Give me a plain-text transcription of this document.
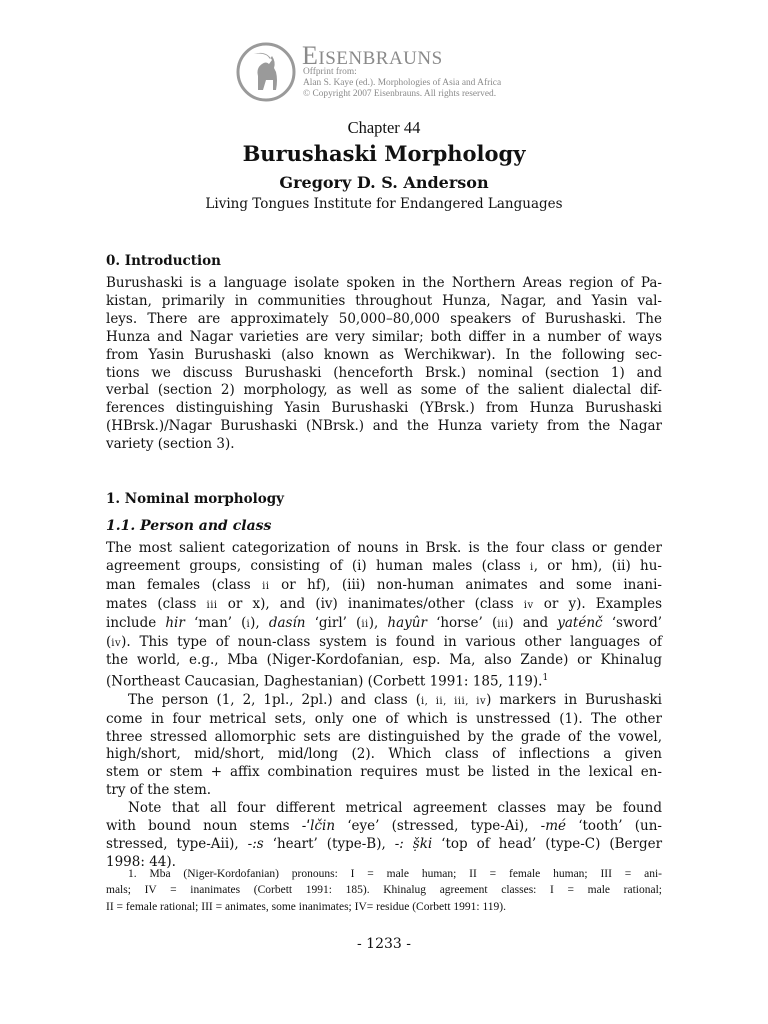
EISENBRAUNS
Offprint from:
Alan S. Kaye (ed.). Morphologies of Asia and Africa
© Copyright 2007 Eisenbrauns. All rights reserved.
Chapter 44
Burushaski Morphology
Gregory D. S. Anderson
Living Tongues Institute for Endangered Languages
0. Introduction
Burushaski is a language isolate spoken in the Northern Areas region of Pa-
kistan, primarily in communities throughout Hunza, Nagar, and Yasin val-
leys. There are approximately 50,000–80,000 speakers of Burushaski. The
Hunza and Nagar varieties are very similar; both differ in a number of ways
from Yasin Burushaski (also known as Werchikwar). In the following sec-
tions we discuss Burushaski (henceforth Brsk.) nominal (section 1) and
verbal (section 2) morphology, as well as some of the salient dialectal dif-
ferences distinguishing Yasin Burushaski (YBrsk.) from Hunza Burushaski
(HBrsk.)/Nagar Burushaski (NBrsk.) and the Hunza variety from the Nagar
variety (section 3).
1. Nominal morphology
1.1. Person and class
The most salient categorization of nouns in Brsk. is the four class or gender
agreement groups, consisting of (i) human males (class i, or hm), (ii) hu-
man females (class ii or hf), (iii) non-human animates and some inani-
mates (class iii or x), and (iv) inanimates/other (class iv or y). Examples
include hir ‘man’ (i), dasín ‘girl’ (ii), hayûr ‘horse’ (iii) and yaténč ‘sword’
(iv). This type of noun-class system is found in various other languages of
the world, e.g., Mba (Niger-Kordofanian, esp. Ma, also Zande) or Khinalug
(Northeast Caucasian, Daghestanian) (Corbett 1991: 185, 119).$^1$
The person (1, 2, 1pl., 2pl.) and class (i, ii, iii, iv) markers in Burushaski
come in four metrical sets, only one of which is unstressed (1). The other
three stressed allomorphic sets are distinguished by the grade of the vowel,
high/short, mid/short, mid/long (2). Which class of inflections a given
stem or stem + affix combination requires must be listed in the lexical en-
try of the stem.
Note that all four different metrical agreement classes may be found
with bound noun stems -ˈlčin ‘eye’ (stressed, type-Ai), -mé ‘tooth’ (un-
stressed, type-Aii), -:s ‘heart’ (type-B), -: ṣ̌ki ‘top of head’ (type-C) (Berger
1998: 44).
1. Mba (Niger-Kordofanian) pronouns: I = male human; II = female human; III = ani-
mals; IV = inanimates (Corbett 1991: 185). Khinalug agreement classes: I = male rational;
II = female rational; III = animates, some inanimates; IV= residue (Corbett 1991: 119).
- 1233 -
